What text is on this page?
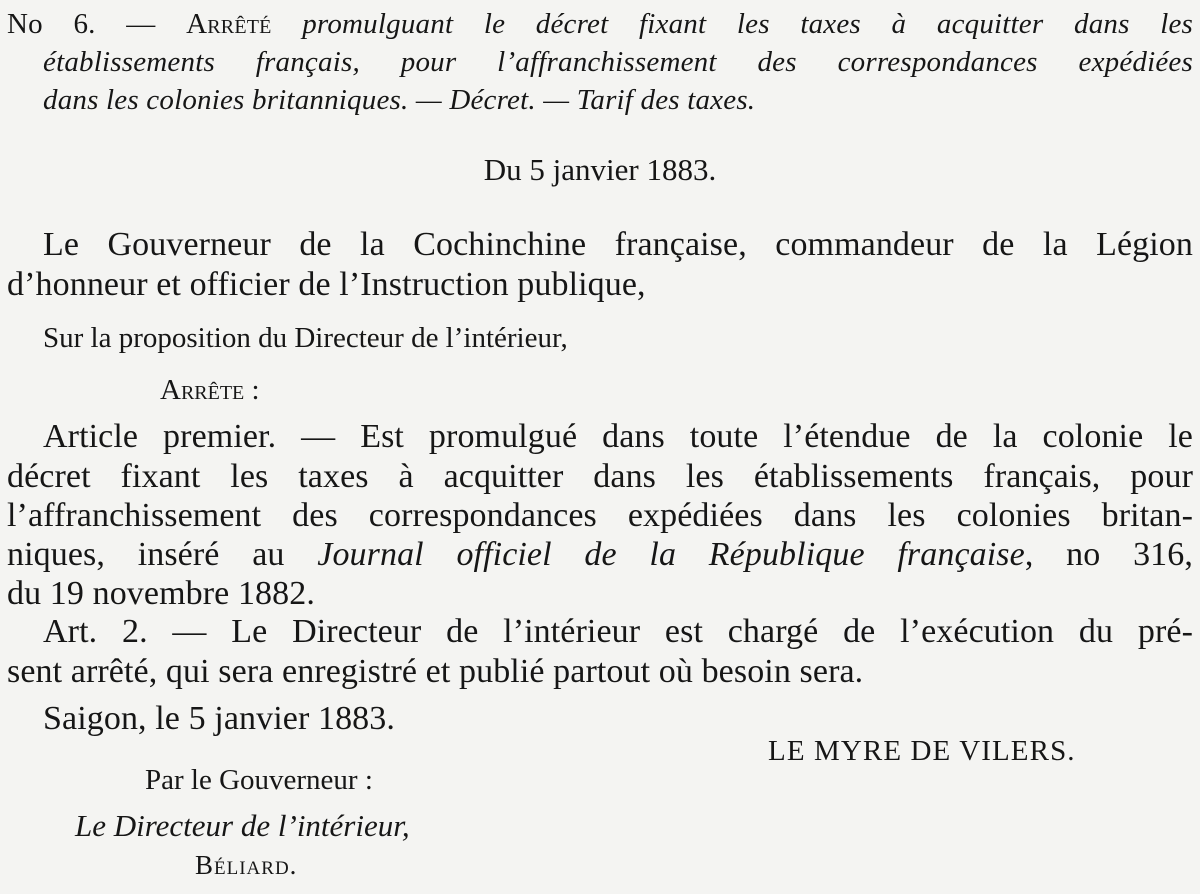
No 6. — Arrêté promulguant le décret fixant les taxes à acquitter dans les
établissements français, pour l’affranchissement des correspondances expédiées
dans les colonies britanniques. — Décret. — Tarif des taxes.
Du 5 janvier 1883.
Le Gouverneur de la Cochinchine française, commandeur de la Légion
d’honneur et officier de l’Instruction publique,
Sur la proposition du Directeur de l’intérieur,
Arrête :
Article premier. — Est promulgué dans toute l’étendue de la colonie le
décret fixant les taxes à acquitter dans les établissements français, pour
l’affranchissement des correspondances expédiées dans les colonies britan-
niques, inséré au Journal officiel de la République française, no 316,
du 19 novembre 1882.
Art. 2. — Le Directeur de l’intérieur est chargé de l’exécution du pré-
sent arrêté, qui sera enregistré et publié partout où besoin sera.
Saigon, le 5 janvier 1883.
LE MYRE DE VILERS.
Par le Gouverneur :
Le Directeur de l’intérieur,
Béliard.
